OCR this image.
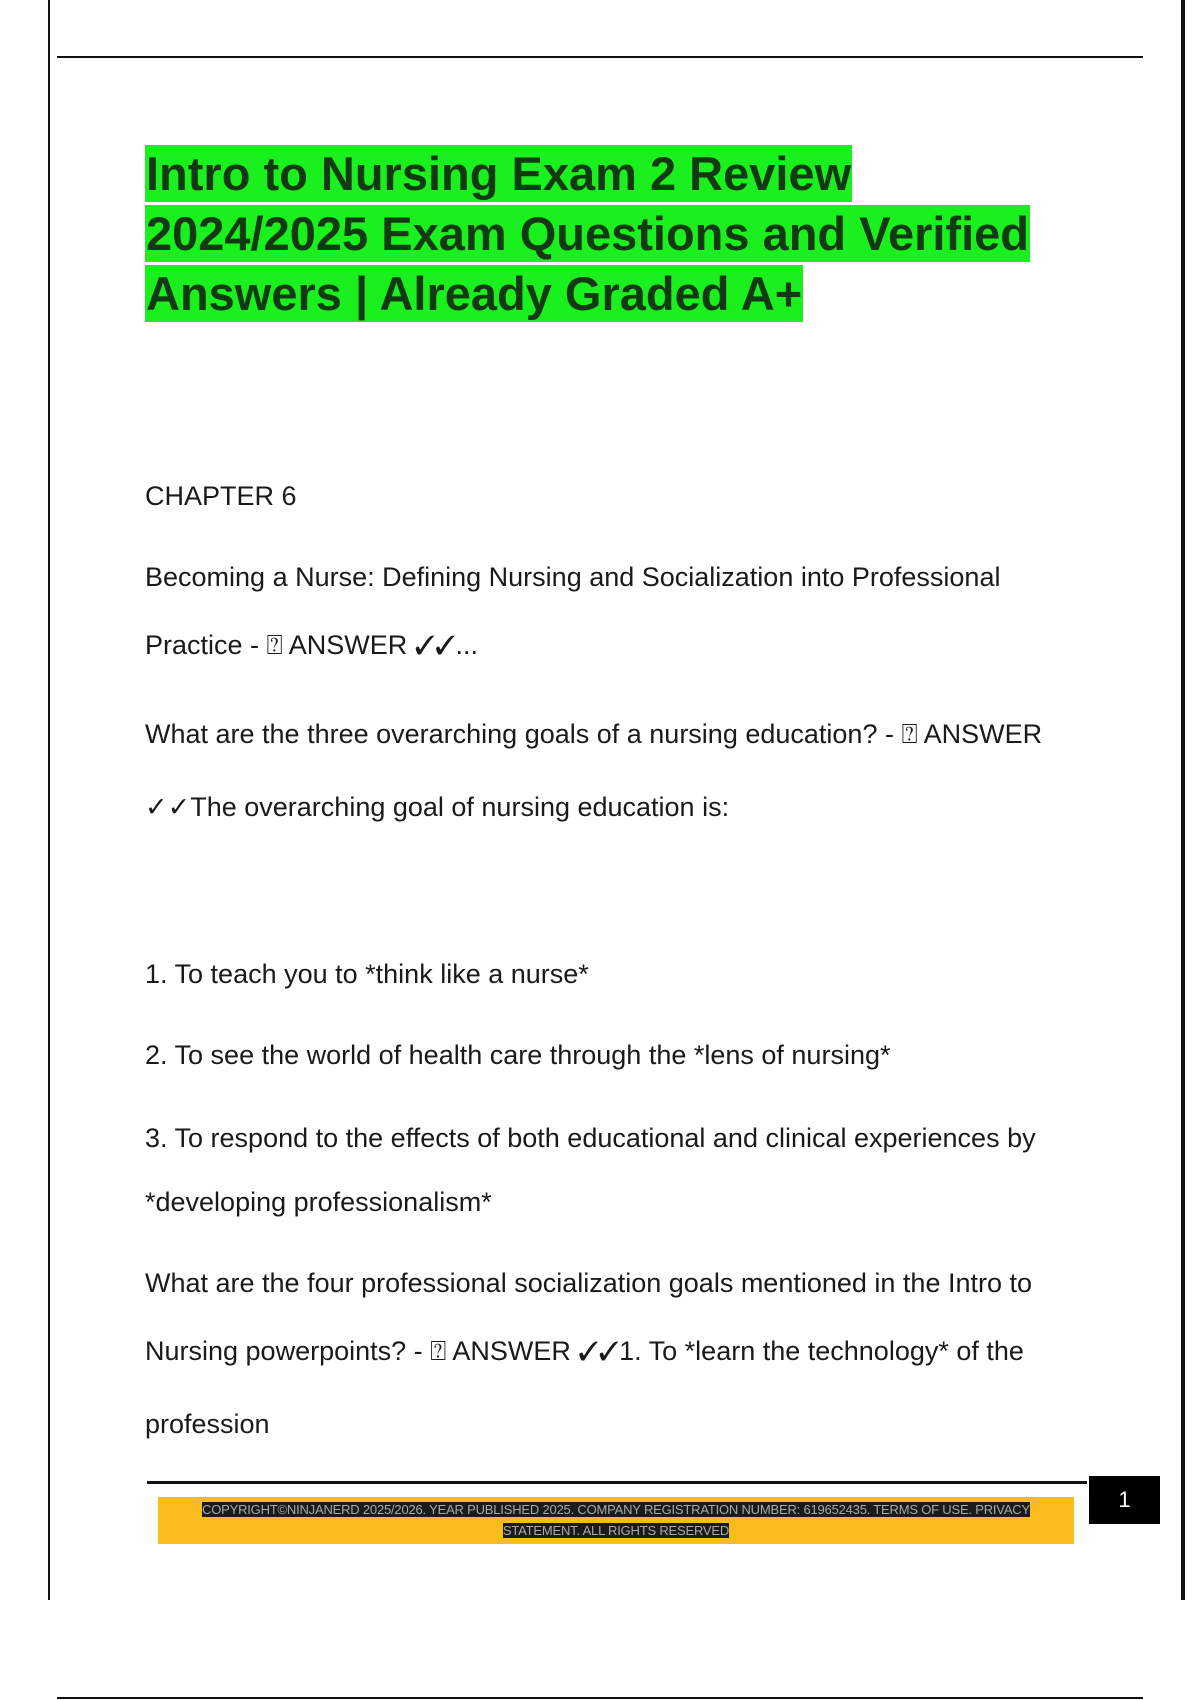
Intro to Nursing Exam 2 Review
2024/2025 Exam Questions and Verified
Answers | Already Graded A+
CHAPTER 6
Becoming a Nurse: Defining Nursing and Socialization into Professional
Practice - ⍰ ANSWER ✓✓...
What are the three overarching goals of a nursing education? - ⍰ ANSWER
✓✓The overarching goal of nursing education is:
1. To teach you to *think like a nurse*
2. To see the world of health care through the *lens of nursing*
3. To respond to the effects of both educational and clinical experiences by
*developing professionalism*
What are the four professional socialization goals mentioned in the Intro to
Nursing powerpoints? - ⍰ ANSWER ✓✓1. To *learn the technology* of the
profession
1
COPYRIGHT©NINJANERD 2025/2026. YEAR PUBLISHED 2025. COMPANY REGISTRATION NUMBER: 619652435. TERMS OF USE. PRIVACY STATEMENT. ALL RIGHTS RESERVED
